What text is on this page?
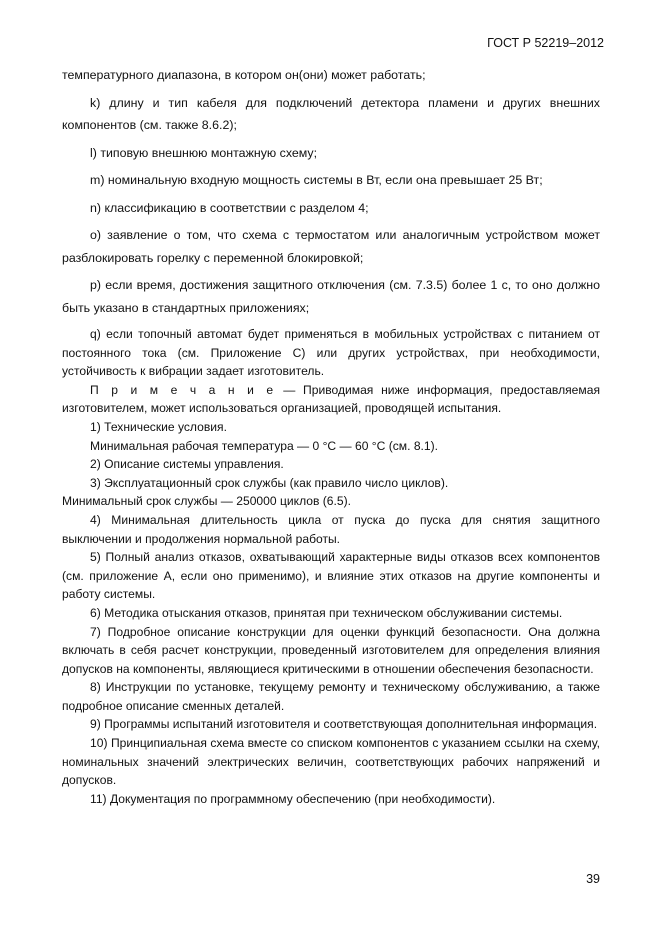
ГОСТ Р 52219–2012

температурного диапазона, в котором он(они) может работать;

k) длину и тип кабеля для подключений детектора пламени и других внешних компонентов (см. также 8.6.2);

l) типовую внешнюю монтажную схему;

m) номинальную входную мощность системы в Вт, если она превышает 25 Вт;

n) классификацию в соответствии с разделом 4;

о) заявление о том, что схема с термостатом или аналогичным устройством может разблокировать горелку с переменной блокировкой;

р) если время, достижения защитного отключения (см. 7.3.5) более 1 с, то оно должно быть указано в стандартных приложениях;

q) если топочный автомат будет применяться в мобильных устройствах с питанием от постоянного тока (см. Приложение С) или других устройствах, при необходимости, устойчивость к вибрации задает изготовитель.

П р и м е ч а н и е — Приводимая ниже информация, предоставляемая изготовителем, может использоваться организацией, проводящей испытания.

1) Технические условия.

Минимальная рабочая температура — 0 °С — 60 °С (см. 8.1).

2) Описание системы управления.

3) Эксплуатационный срок службы (как правило число циклов).

Минимальный срок службы — 250000 циклов (6.5).

4) Минимальная длительность цикла от пуска до пуска для снятия защитного выключении и продолжения нормальной работы.

5) Полный анализ отказов, охватывающий характерные виды отказов всех компонентов (см. приложение А, если оно применимо), и влияние этих отказов на другие компоненты и работу системы.

6) Методика отыскания отказов, принятая при техническом обслуживании системы.

7) Подробное описание конструкции для оценки функций безопасности. Она должна включать в себя расчет конструкции, проведенный изготовителем для определения влияния допусков на компоненты, являющиеся критическими в отношении обеспечения безопасности.

8) Инструкции по установке, текущему ремонту и техническому обслуживанию, а также подробное описание сменных деталей.

9) Программы испытаний изготовителя и соответствующая дополнительная информация.

10) Принципиальная схема вместе со списком компонентов с указанием ссылки на схему, номинальных значений электрических величин, соответствующих рабочих напряжений и допусков.

11) Документация по программному обеспечению (при необходимости).

39
